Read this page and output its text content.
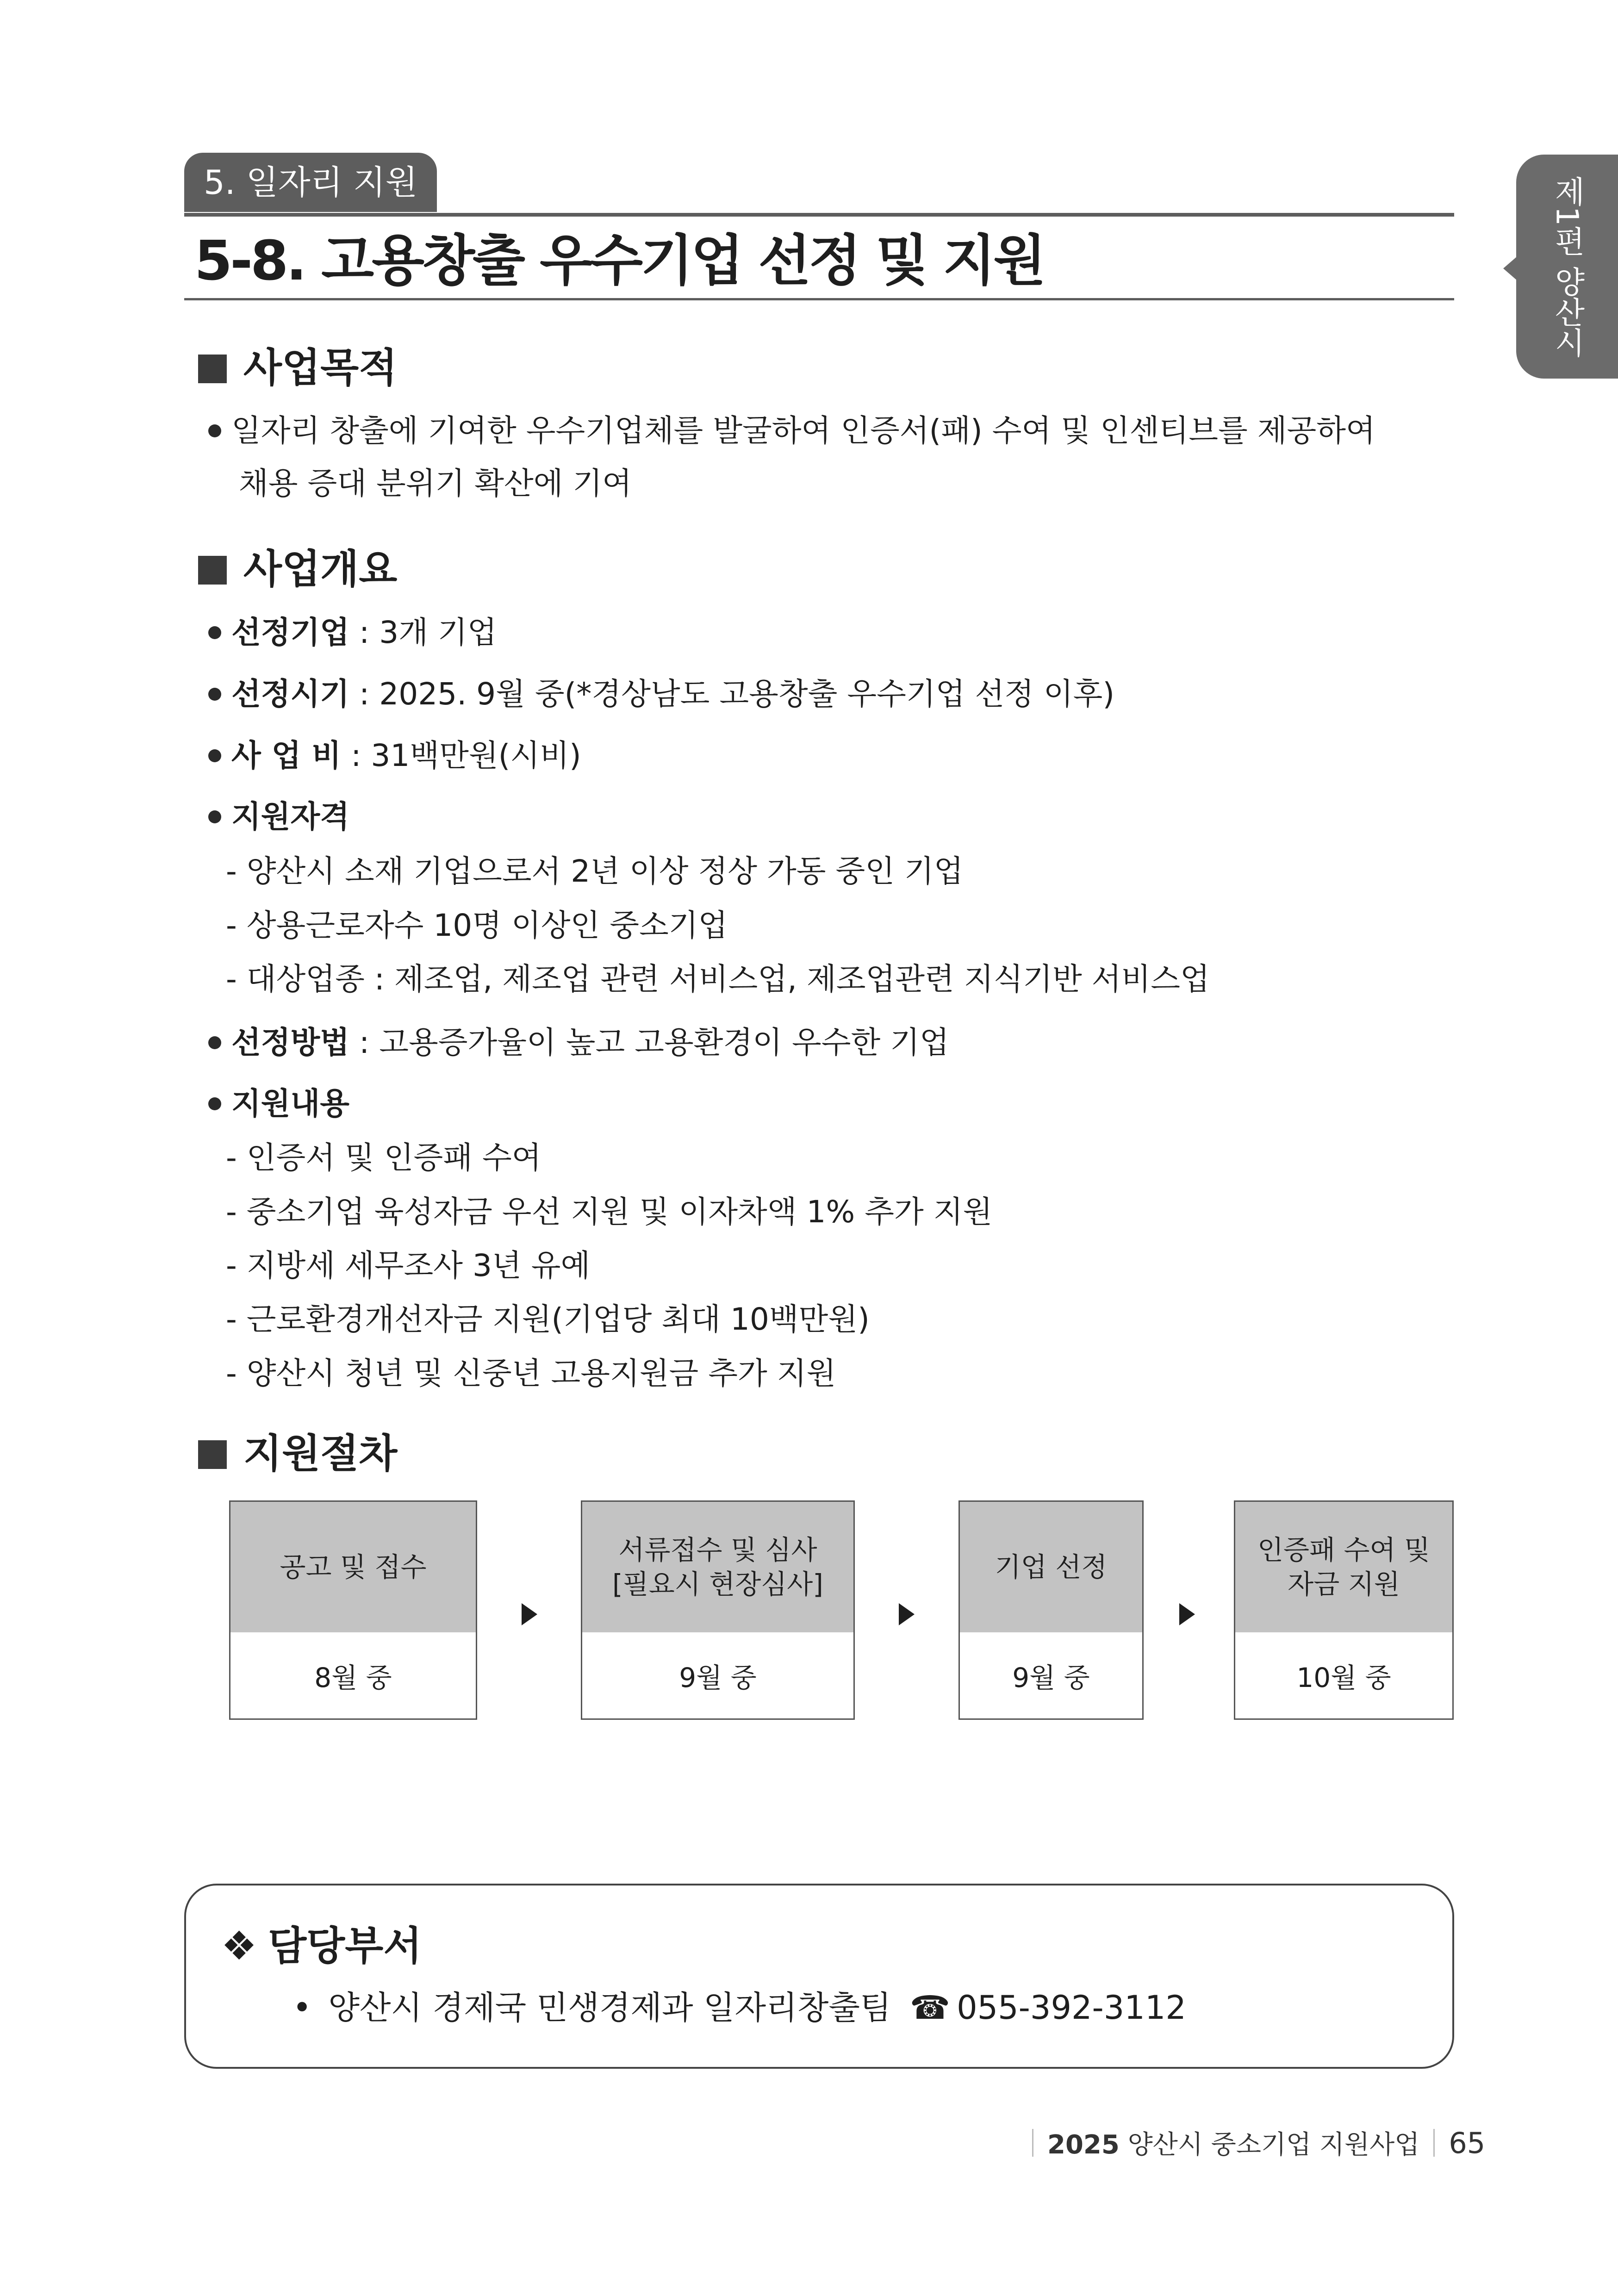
5. 일자리 지원
5-8. 고용창출 우수기업 선정 및 지원	제1편 양산시
사업목적
일자리 창출에 기여한 우수기업체를 발굴하여 인증서(패) 수여 및 인센티브를 제공하여
채용 증대 분위기 확산에 기여
사업개요
선정기업 : 3개 기업
선정시기 : 2025. 9월 중(*경상남도 고용창출 우수기업 선정 이후)
사 업 비 : 31백만원(시비)
지원자격
- 양산시 소재 기업으로서 2년 이상 정상 가동 중인 기업
- 상용근로자수 10명 이상인 중소기업
- 대상업종 : 제조업, 제조업 관련 서비스업, 제조업관련 지식기반 서비스업
선정방법 : 고용증가율이 높고 고용환경이 우수한 기업
지원내용
- 인증서 및 인증패 수여
- 중소기업 육성자금 우선 지원 및 이자차액 1% 추가 지원
- 지방세 세무조사 3년 유예
- 근로환경개선자금 지원(기업당 최대 10백만원)
- 양산시 청년 및 신중년 고용지원금 추가 지원
지원절차
공고 및 접수
8월 중
서류접수 및 심사
[필요시 현장심사]
9월 중
기업 선정
9월 중
인증패 수여 및
자금 지원
10월 중
❖ 담당부서
• 양산시 경제국 민생경제과 일자리창출팀 ☎ 055-392-3112
2025 양산시 중소기업 지원사업 65
